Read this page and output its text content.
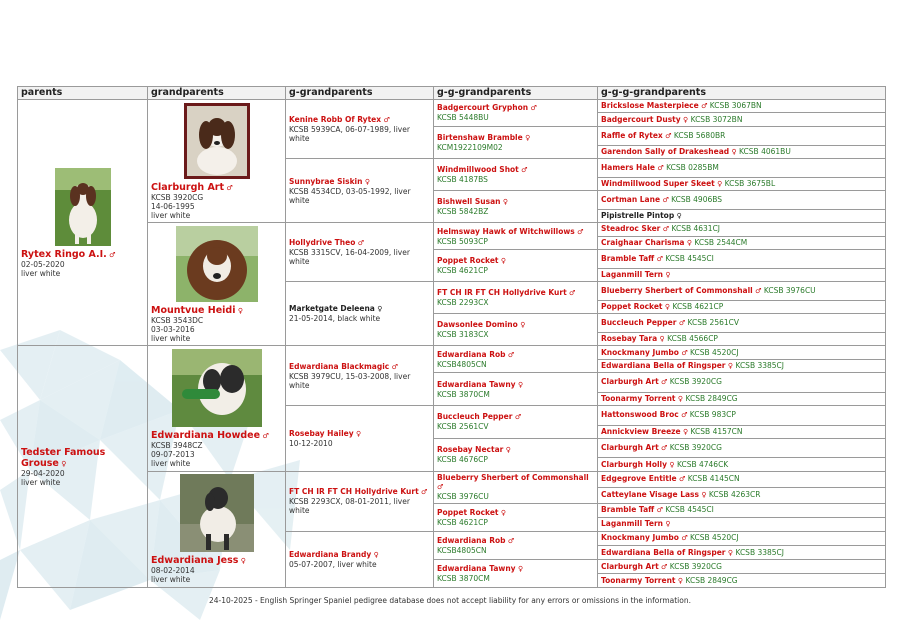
parents	grandparents	g-grandparents	g-g-grandparents	g-g-g-grandparents

Rytex Ringo A.I. ♂
02-05-2020
liver white	Clarburgh Art ♂
KCSB 3920CG
14-06-1995
liver white	Kenine Robb Of Rytex ♂
KCSB 5939CA, 06-07-1989, liver white	Badgercourt Gryphon ♂
KCSB 5448BU	Brickslose Masterpiece ♂ KCSB 3067BN
				Badgercourt Dusty ♀ KCSB 3072BN
			Birtenshaw Bramble ♀
KCM1922109M02	Raffle of Rytex ♂ KCSB 5680BR
				Garendon Sally of Drakeshead ♀ KCSB 4061BU
		Sunnybrae Siskin ♀
KCSB 4534CD, 03-05-1992, liver white	Windmillwood Shot ♂
KCSB 4187BS	Hamers Hale ♂ KCSB 0285BM
				Windmillwood Super Skeet ♀ KCSB 3675BL
			Bishwell Susan ♀
KCSB 5842BZ	Cortman Lane ♂ KCSB 4906BS
				Pipistrelle Pintop ♀

Mountvue Heidi ♀
KCSB 3543DC
03-03-2016
liver white	Hollydrive Theo ♂
KCSB 3315CV, 16-04-2009, liver white	Helmsway Hawk of Witchwillows ♂
KCSB 5093CP	Steadroc Sker ♂ KCSB 4631CJ
				Craighaar Charisma ♀ KCSB 2544CM
			Poppet Rocket ♀
KCSB 4621CP	Bramble Taff ♂ KCSB 4545CI
				Laganmill Tern ♀
		Marketgate Deleena ♀
21-05-2014, black white	FT CH IR FT CH Hollydrive Kurt ♂
KCSB 2293CX	Blueberry Sherbert of Commonshall ♂ KCSB 3976CU
				Poppet Rocket ♀ KCSB 4621CP
			Dawsonlee Domino ♀
KCSB 3183CX	Buccleuch Pepper ♂ KCSB 2561CV
				Rosebay Tara ♀ KCSB 4566CP
Tedster Famous Grouse ♀
29-04-2020
liver white	Edwardiana Howdee ♂
KCSB 3948CZ
09-07-2013
liver white	Edwardiana Blackmagic ♂
KCSB 3979CU, 15-03-2008, liver white	Edwardiana Rob ♂
KCSB4805CN	Knockmany Jumbo ♂ KCSB 4520CJ
				Edwardiana Bella of Ringsper ♀ KCSB 3385CJ
			Edwardiana Tawny ♀
KCSB 3870CM	Clarburgh Art ♂ KCSB 3920CG
				Toonarmy Torrent ♀ KCSB 2849CG
		Rosebay Hailey ♀
10-12-2010	Buccleuch Pepper ♂
KCSB 2561CV	Hattonswood Broc ♂ KCSB 983CP
				Annickview Breeze ♀ KCSB 4157CN
			Rosebay Nectar ♀
KCSB 4676CP	Clarburgh Art ♂ KCSB 3920CG
				Clarburgh Holly ♀ KCSB 4746CK

Edwardiana Jess ♀
08-02-2014
liver white	FT CH IR FT CH Hollydrive Kurt ♂
KCSB 2293CX, 08-01-2011, liver white	Blueberry Sherbert of Commonshall ♂
KCSB 3976CU	Edgegrove Entitle ♂ KCSB 4145CN
				Catteylane Visage Lass ♀ KCSB 4263CR
			Poppet Rocket ♀
KCSB 4621CP	Bramble Taff ♂ KCSB 4545CI
				Laganmill Tern ♀
		Edwardiana Brandy ♀
05-07-2007, liver white	Edwardiana Rob ♂
KCSB4805CN	Knockmany Jumbo ♂ KCSB 4520CJ
				Edwardiana Bella of Ringsper ♀ KCSB 3385CJ
			Edwardiana Tawny ♀
KCSB 3870CM	Clarburgh Art ♂ KCSB 3920CG
				Toonarmy Torrent ♀ KCSB 2849CG
24-10-2025 - English Springer Spaniel pedigree database does not accept liability for any errors or omissions in the information.
